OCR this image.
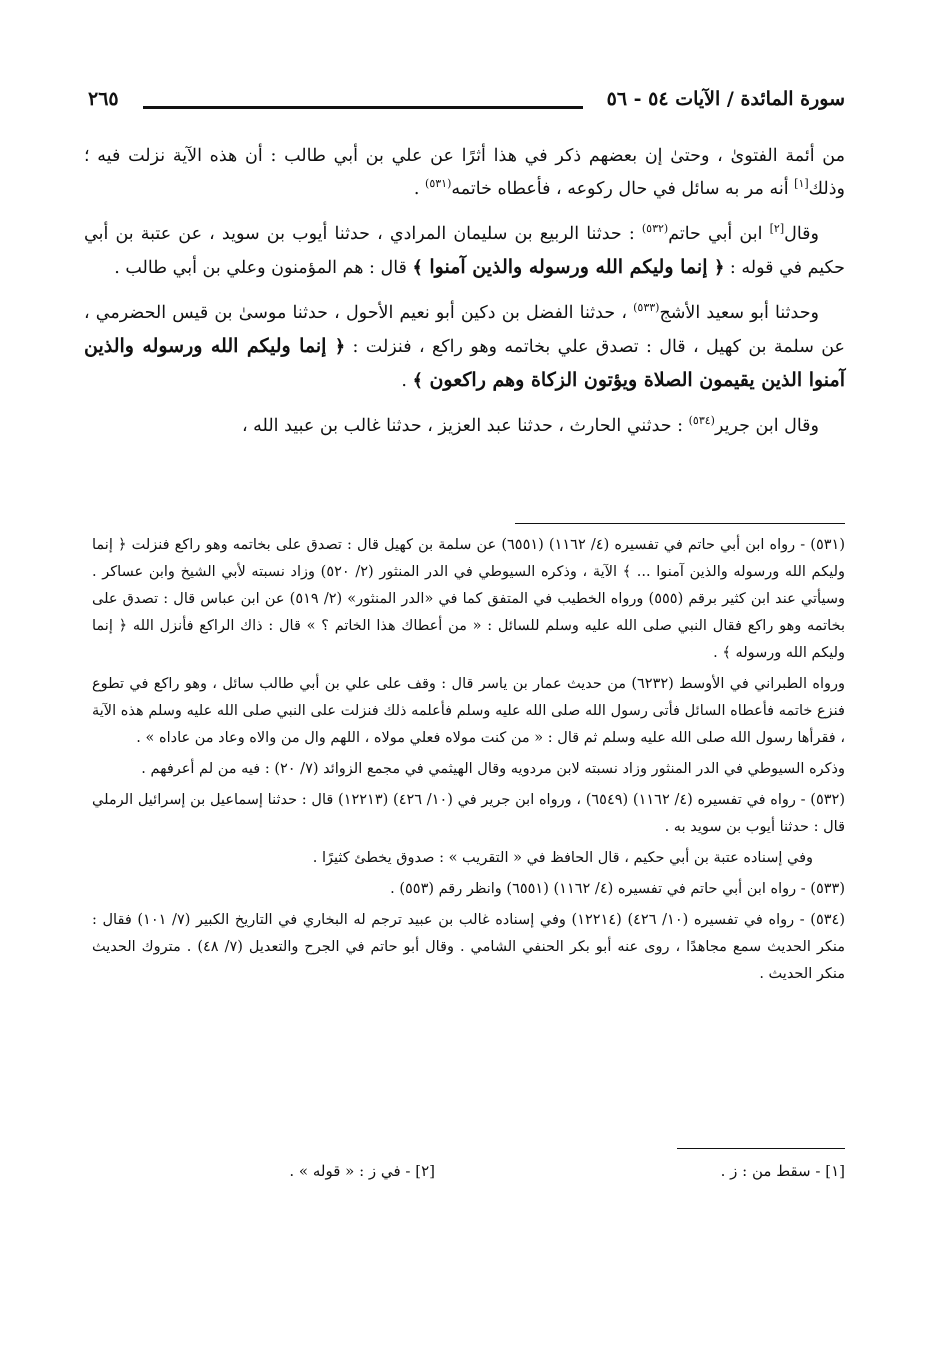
سورة المائدة / الآيات ٥٤ - ٥٦
٢٦٥

من أئمة الفتوىٰ ، وحتىٰ إن بعضهم ذكر في هذا أثرًا عن علي بن أبي طالب : أن هذه الآية نزلت فيه ؛ وذلك[١] أنه مر به سائل في حال ركوعه ، فأعطاه خاتمه$^{(٥٣١)}$ .

وقال[٢] ابن أبي حاتم$^{(٥٣٢)}$ : حدثنا الربيع بن سليمان المرادي ، حدثنا أيوب بن سويد ، عن عتبة بن أبي حكيم في قوله : ﴿ إنما وليكم الله ورسوله والذين آمنوا ﴾ قال : هم المؤمنون وعلي بن أبي طالب .

وحدثنا أبو سعيد الأشج$^{(٥٣٣)}$ ، حدثنا الفضل بن دكين أبو نعيم الأحول ، حدثنا موسىٰ بن قيس الحضرمي ، عن سلمة بن كهيل ، قال : تصدق علي بخاتمه وهو راكع ، فنزلت : ﴿ إنما وليكم الله ورسوله والذين آمنوا الذين يقيمون الصلاة ويؤتون الزكاة وهم راكعون ﴾ .

وقال ابن جرير$^{(٥٣٤)}$ : حدثني الحارث ، حدثنا عبد العزيز ، حدثنا غالب بن عبيد الله ،

(٥٣١) - رواه ابن أبي حاتم في تفسيره (٤/ ١١٦٢) (٦٥٥١) عن سلمة بن كهيل قال : تصدق على بخاتمه وهو راكع فنزلت ﴿ إنما وليكم الله ورسوله والذين آمنوا ... ﴾ الآية ، وذكره السيوطي في الدر المنثور (٢/ ٥٢٠) وزاد نسبته لأبي الشيخ وابن عساكر . وسيأتي عند ابن كثير برقم (٥٥٥) ورواه الخطيب في المتفق كما في «الدر المنثور» (٢/ ٥١٩) عن ابن عباس قال : تصدق على بخاتمه وهو راكع فقال النبي صلى الله عليه وسلم للسائل : « من أعطاك هذا الخاتم ؟ » قال : ذاك الراكع فأنزل الله ﴿ إنما وليكم الله ورسوله ﴾ .

ورواه الطبراني في الأوسط (٦٢٣٢) من حديث عمار بن ياسر قال : وقف على علي بن أبي طالب سائل ، وهو راكع في تطوع فنزع خاتمه فأعطاه السائل فأتى رسول الله صلى الله عليه وسلم فأعلمه ذلك فنزلت على النبي صلى الله عليه وسلم هذه الآية ، فقرأها رسول الله صلى الله عليه وسلم ثم قال : « من كنت مولاه فعلي مولاه ، اللهم وال من والاه وعاد من عاداه » .

وذكره السيوطي في الدر المنثور وزاد نسبته لابن مردويه وقال الهيثمي في مجمع الزوائد (٧/ ٢٠) : فيه من لم أعرفهم .

(٥٣٢) - رواه في تفسيره (٤/ ١١٦٢) (٦٥٤٩) ، ورواه ابن جرير في (١٠/ ٤٢٦) (١٢٢١٣) قال : حدثنا إسماعيل بن إسرائيل الرملي قال : حدثنا أيوب بن سويد به .

وفي إسناده عتبة بن أبي حكيم ، قال الحافظ في « التقريب » : صدوق يخطئ كثيرًا .

(٥٣٣) - رواه ابن أبي حاتم في تفسيره (٤/ ١١٦٢) (٦٥٥١) وانظر رقم (٥٥٣) .

(٥٣٤) - رواه في تفسيره (١٠/ ٤٢٦) (١٢٢١٤) وفي إسناده غالب بن عبيد ترجم له البخاري في التاريخ الكبير (٧/ ١٠١) فقال : منكر الحديث سمع مجاهدًا ، روى عنه أبو بكر الحنفي الشامي . وقال أبو حاتم في الجرح والتعديل (٧/ ٤٨) . متروك الحديث منكر الحديث .

[١] - سقط من : ز .
[٢] - في ز : « قوله » .
